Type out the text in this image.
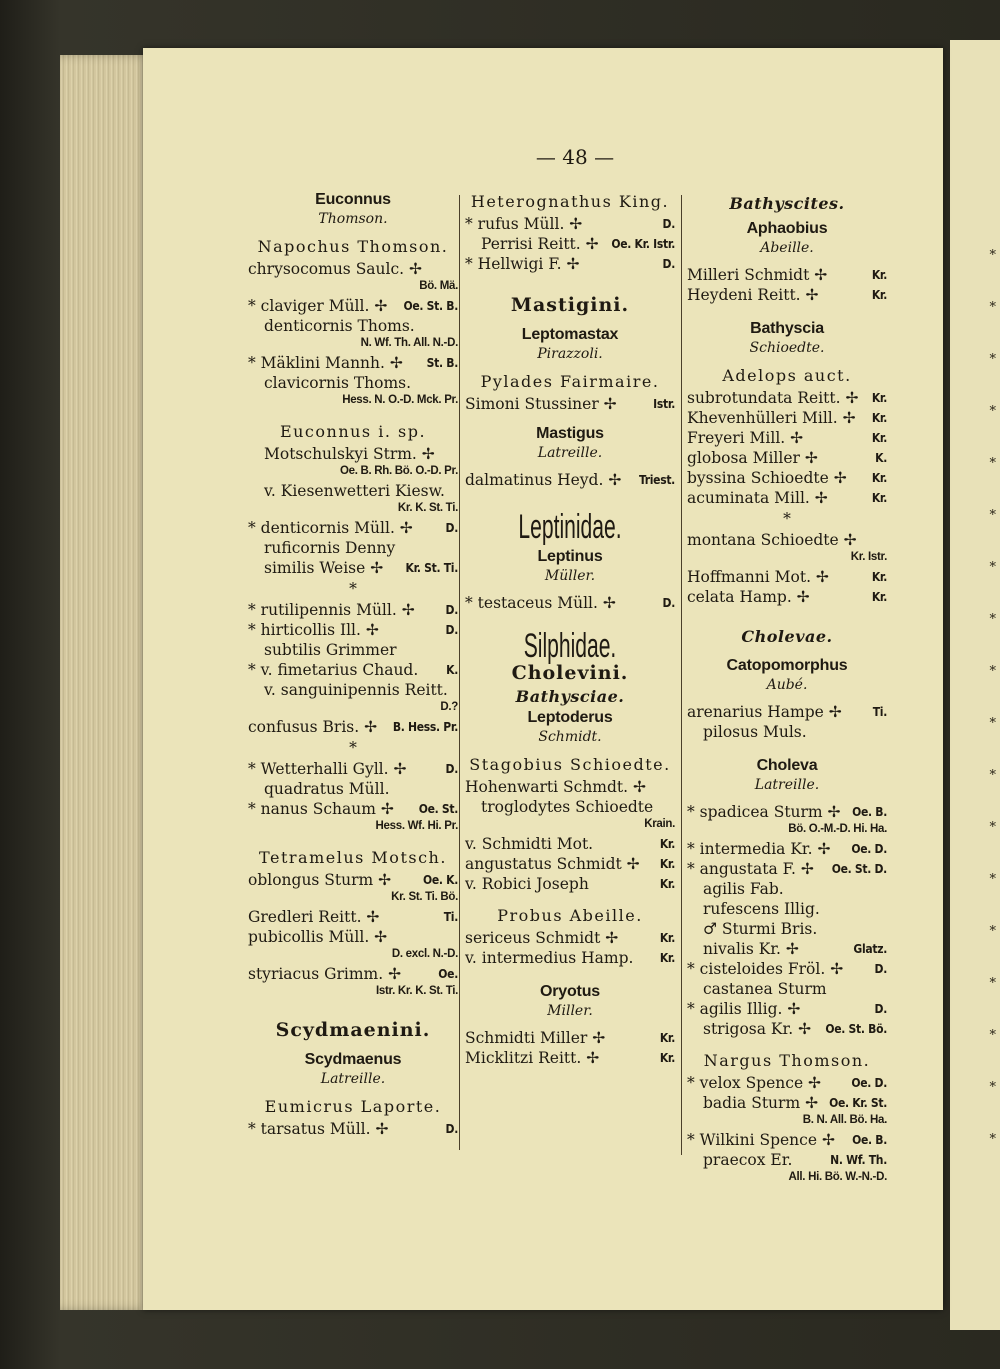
*
*
*
*
*
*
*
*
*
*
*
*
*
*
*
*
*
*
— 48 —
Euconnus
Thomson.
Napochus Thomson.
chrysocomus Saulc. ✢
Bö. Mä.
* claviger Müll. ✢	Oe. St. B.
denticornis Thoms.
N. Wf. Th. All. N.-D.
* Mäklini Mannh. ✢	St. B.
clavicornis Thoms.
Hess. N. O.-D. Mck. Pr.
Euconnus i. sp.
Motschulskyi Strm. ✢
Oe. B. Rh. Bö. O.-D. Pr.
v. Kiesenwetteri Kiesw.
Kr. K. St. Ti.
* denticornis Müll. ✢	D.
ruficornis Denny
similis Weise ✢	Kr. St. Ti.
*
* rutilipennis Müll. ✢	D.
* hirticollis Ill. ✢	D.
subtilis Grimmer
* v. fimetarius Chaud.	K.
v. sanguinipennis Reitt.
D.?
confusus Bris. ✢	B. Hess. Pr.
*
* Wetterhalli Gyll. ✢	D.
quadratus Müll.
* nanus Schaum ✢	Oe. St.
Hess. Wf. Hi. Pr.
Tetramelus Motsch.
oblongus Sturm ✢	Oe. K.
Kr. St. Ti. Bö.
Gredleri Reitt. ✢	Ti.
pubicollis Müll. ✢
D. excl. N.-D.
styriacus Grimm. ✢	Oe.
Istr. Kr. K. St. Ti.
Scydmaenini.
Scydmaenus
Latreille.
Eumicrus Laporte.
* tarsatus Müll. ✢	D.
Heterognathus King.
* rufus Müll. ✢	D.
Perrisi Reitt. ✢	Oe. Kr. Istr.
* Hellwigi F. ✢	D.
Mastigini.
Leptomastax
Pirazzoli.
Pylades Fairmaire.
Simoni Stussiner ✢	Istr.
Mastigus
Latreille.
dalmatinus Heyd. ✢	Triest.
Leptinidae.
Leptinus
Müller.
* testaceus Müll. ✢	D.
Silphidae.
Cholevini.
Bathysciae.
Leptoderus
Schmidt.
Stagobius Schioedte.
Hohenwarti Schmdt. ✢
troglodytes Schioedte
Krain.
v. Schmidti Mot.	Kr.
angustatus Schmidt ✢	Kr.
v. Robici Joseph	Kr.
Probus Abeille.
sericeus Schmidt ✢	Kr.
v. intermedius Hamp.	Kr.
Oryotus
Miller.
Schmidti Miller ✢	Kr.
Micklitzi Reitt. ✢	Kr.
Bathyscites.
Aphaobius
Abeille.
Milleri Schmidt ✢	Kr.
Heydeni Reitt. ✢	Kr.
Bathyscia
Schioedte.
Adelops auct.
subrotundata Reitt. ✢	Kr.
Khevenhülleri Mill. ✢	Kr.
Freyeri Mill. ✢	Kr.
globosa Miller ✢	K.
byssina Schioedte ✢	Kr.
acuminata Mill. ✢	Kr.
*
montana Schioedte ✢
Kr. Istr.
Hoffmanni Mot. ✢	Kr.
celata Hamp. ✢	Kr.
Cholevae.
Catopomorphus
Aubé.
arenarius Hampe ✢	Ti.
pilosus Muls.
Choleva
Latreille.
* spadicea Sturm ✢ Oe. B.
Bö. O.-M.-D. Hi. Ha.
* intermedia Kr. ✢	Oe. D.
* angustata F. ✢	Oe. St. D.
agilis Fab.
rufescens Illig.
♂ Sturmi Bris.
nivalis Kr. ✢	Glatz.
* cisteloides Fröl. ✢	D.
castanea Sturm
* agilis Illig. ✢	D.
strigosa Kr. ✢	Oe. St. Bö.
Nargus Thomson.
* velox Spence ✢	Oe. D.
badia Sturm ✢ Oe. Kr. St.
B. N. All. Bö. Ha.
* Wilkini Spence ✢	Oe. B.
praecox Er.	N. Wf. Th.
All. Hi. Bö. W.-N.-D.
